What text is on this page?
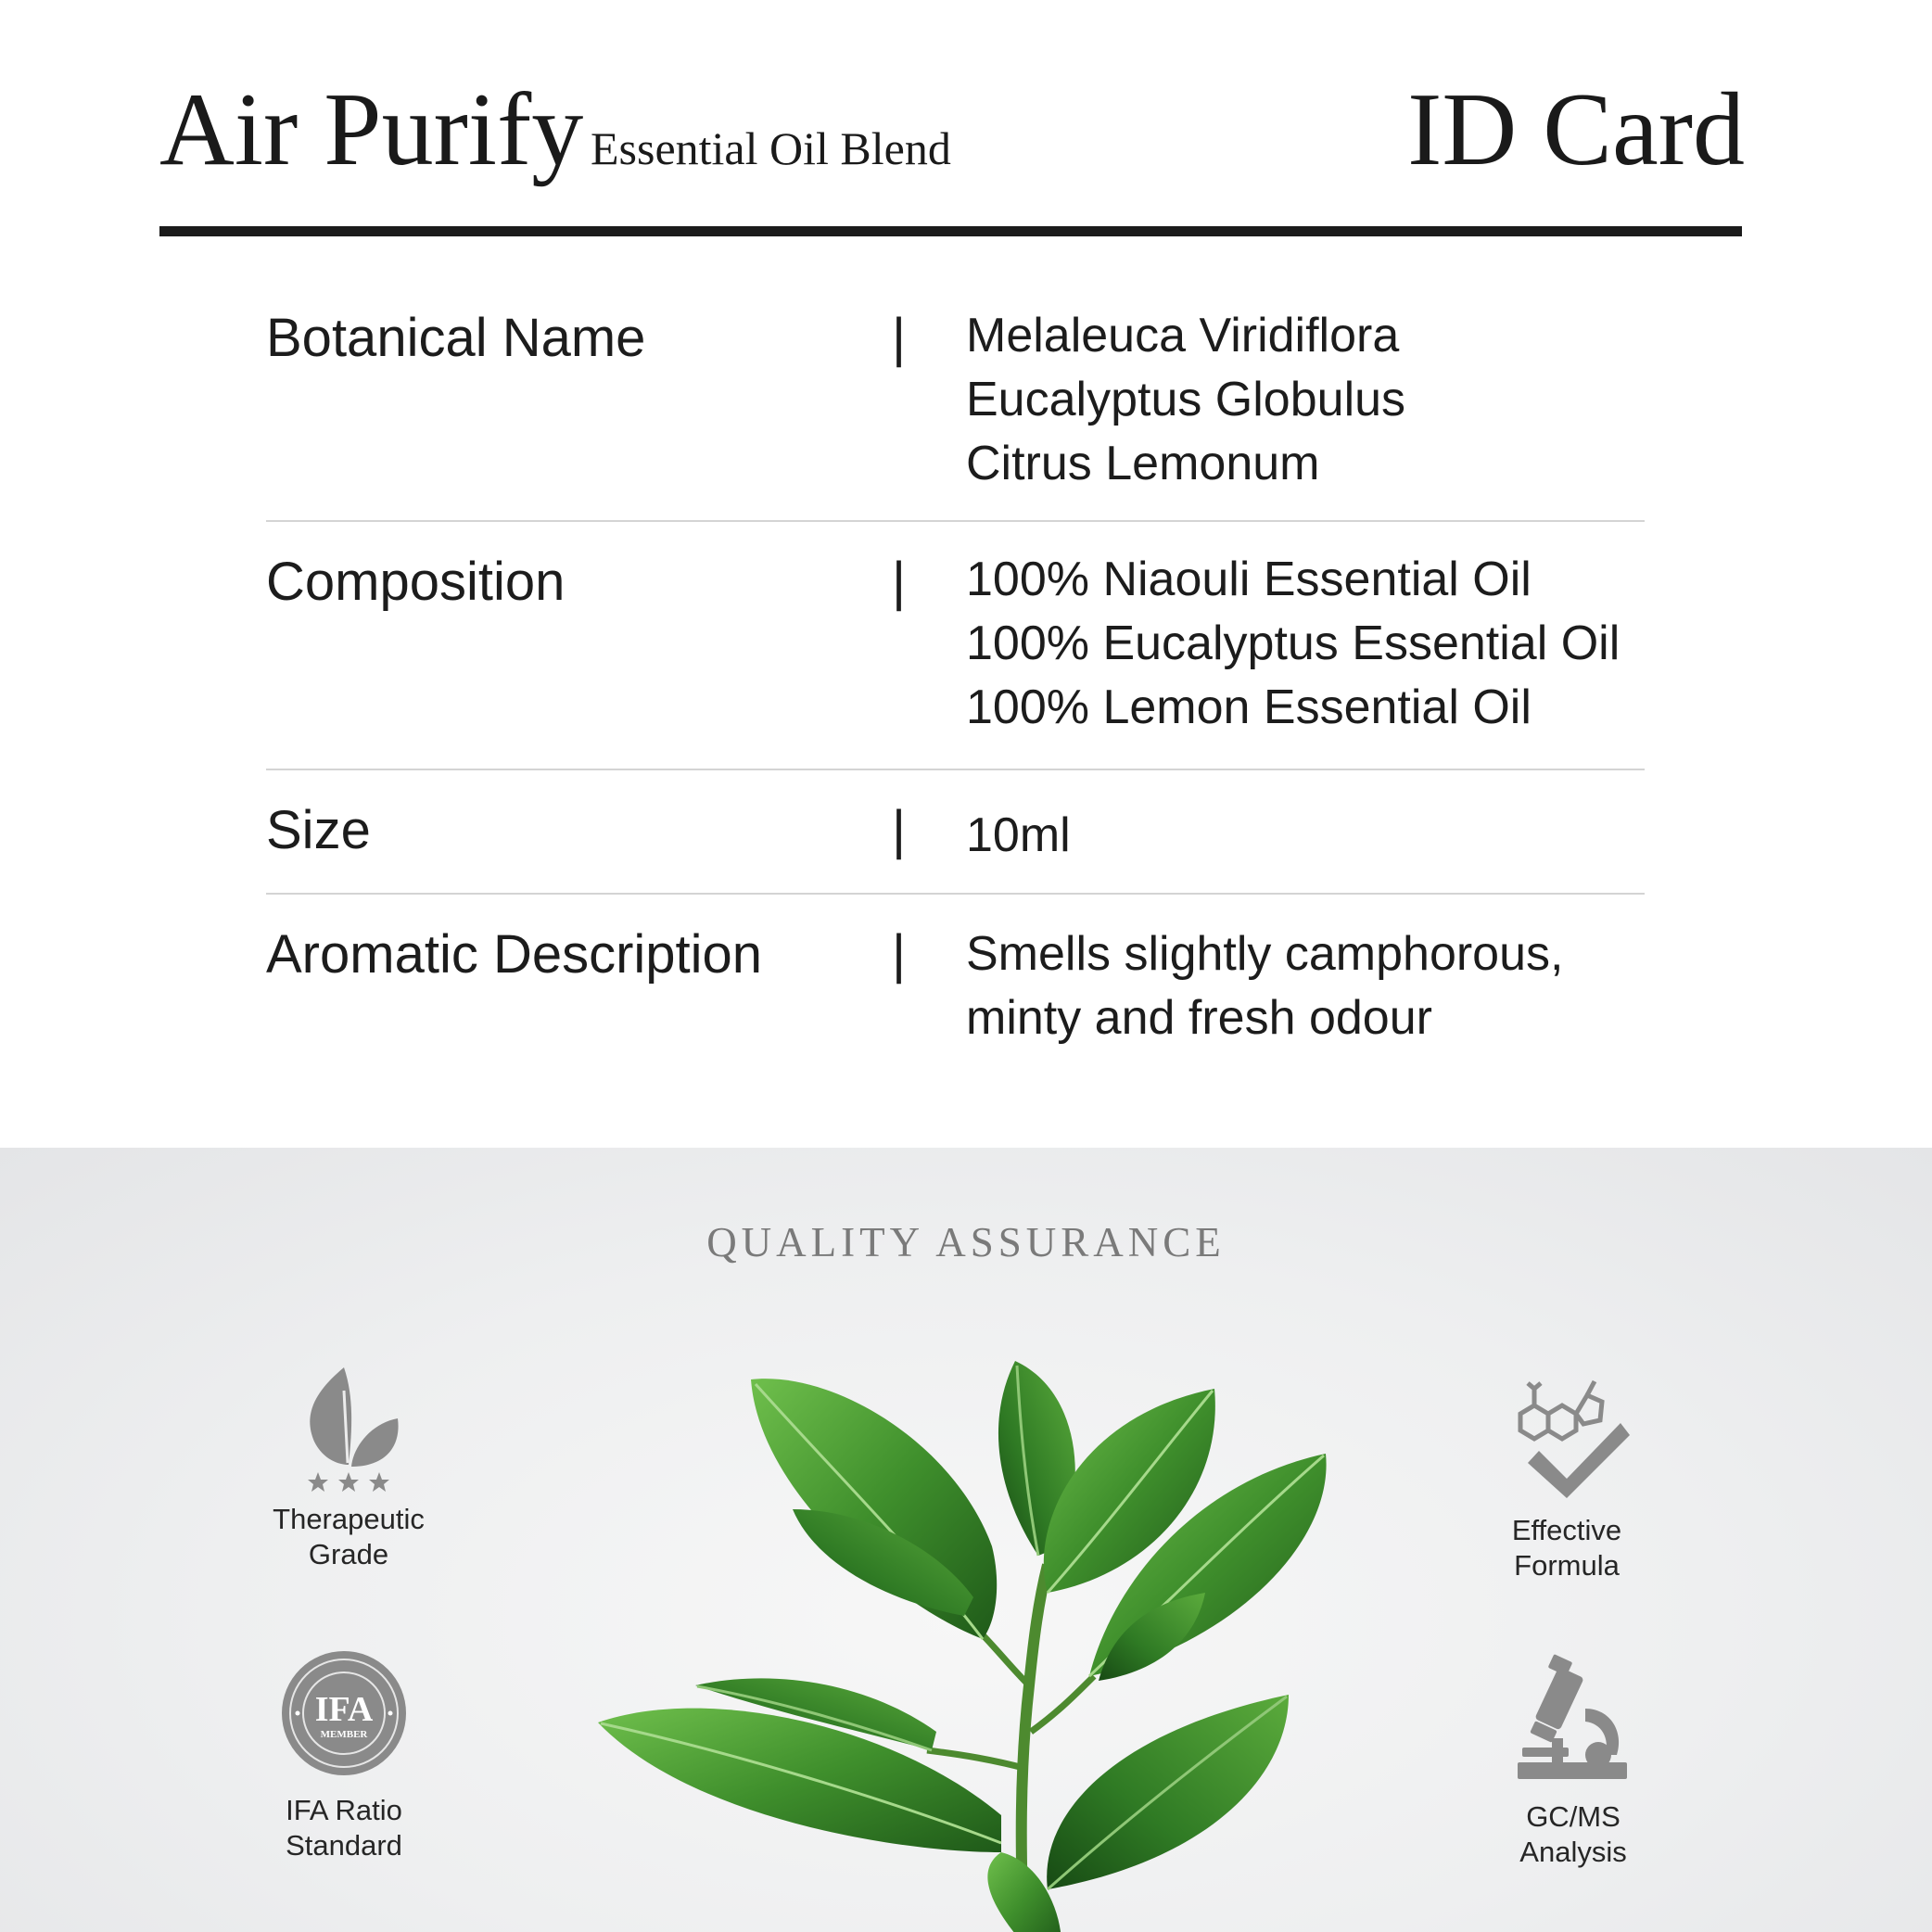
Air Purify Essential Oil Blend	ID Card
Botanical Name	| Melaleuca Viridiflora
Eucalyptus Globulus
Citrus Lemonum
Composition	| 100% Niaouli Essential Oil
100% Eucalyptus Essential Oil
100% Lemon Essential Oil
Size	| 10ml
Aromatic Description | Smells slightly camphorous,
minty and fresh odour
QUALITY ASSURANCE
Therapeutic
Grade
IFA
MEMBER
IFA Ratio
Standard
Effective
Formula
GC/MS
Analysis
